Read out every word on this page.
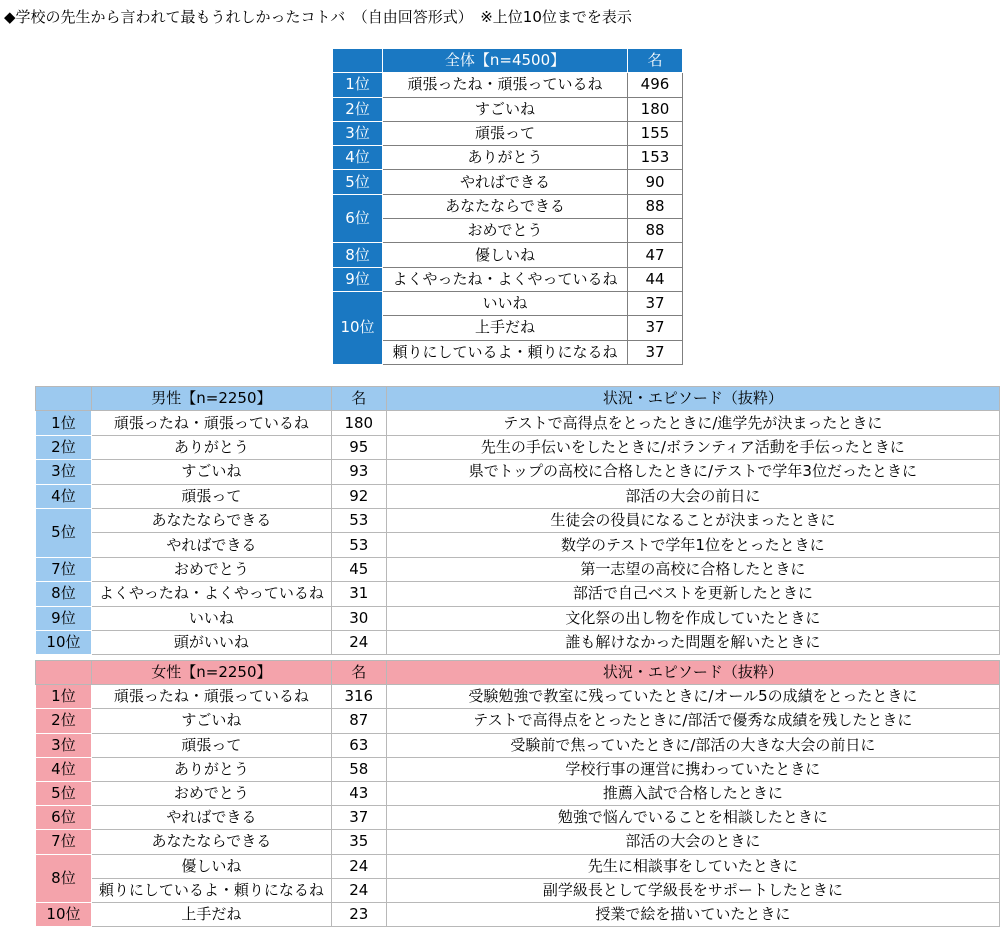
◆学校の先生から言われて最もうれしかったコトバ　（自由回答形式）　※上位10位までを表示
	全体【n=4500】	名
1位	頑張ったね・頑張っているね	496
2位	すごいね	180
3位	頑張って	155
4位	ありがとう	153
5位	やればできる	90
6位	あなたならできる	88
	おめでとう	88
8位	優しいね	47
9位	よくやったね・よくやっているね	44
10位	いいね	37
	上手だね	37
	頼りにしているよ・頼りになるね	37
	男性【n=2250】	名	状況・エピソード（抜粋）
1位	頑張ったね・頑張っているね	180	テストで高得点をとったときに/進学先が決まったときに
2位	ありがとう	95	先生の手伝いをしたときに/ボランティア活動を手伝ったときに
3位	すごいね	93	県でトップの高校に合格したときに/テストで学年3位だったときに
4位	頑張って	92	部活の大会の前日に
5位	あなたならできる	53	生徒会の役員になることが決まったときに
	やればできる	53	数学のテストで学年1位をとったときに
7位	おめでとう	45	第一志望の高校に合格したときに
8位	よくやったね・よくやっているね	31	部活で自己ベストを更新したときに
9位	いいね	30	文化祭の出し物を作成していたときに
10位	頭がいいね	24	誰も解けなかった問題を解いたときに
	女性【n=2250】	名	状況・エピソード（抜粋）
1位	頑張ったね・頑張っているね	316	受験勉強で教室に残っていたときに/オール5の成績をとったときに
2位	すごいね	87	テストで高得点をとったときに/部活で優秀な成績を残したときに
3位	頑張って	63	受験前で焦っていたときに/部活の大きな大会の前日に
4位	ありがとう	58	学校行事の運営に携わっていたときに
5位	おめでとう	43	推薦入試で合格したときに
6位	やればできる	37	勉強で悩んでいることを相談したときに
7位	あなたならできる	35	部活の大会のときに
8位	優しいね	24	先生に相談事をしていたときに
	頼りにしているよ・頼りになるね	24	副学級長として学級長をサポートしたときに
10位	上手だね	23	授業で絵を描いていたときに
